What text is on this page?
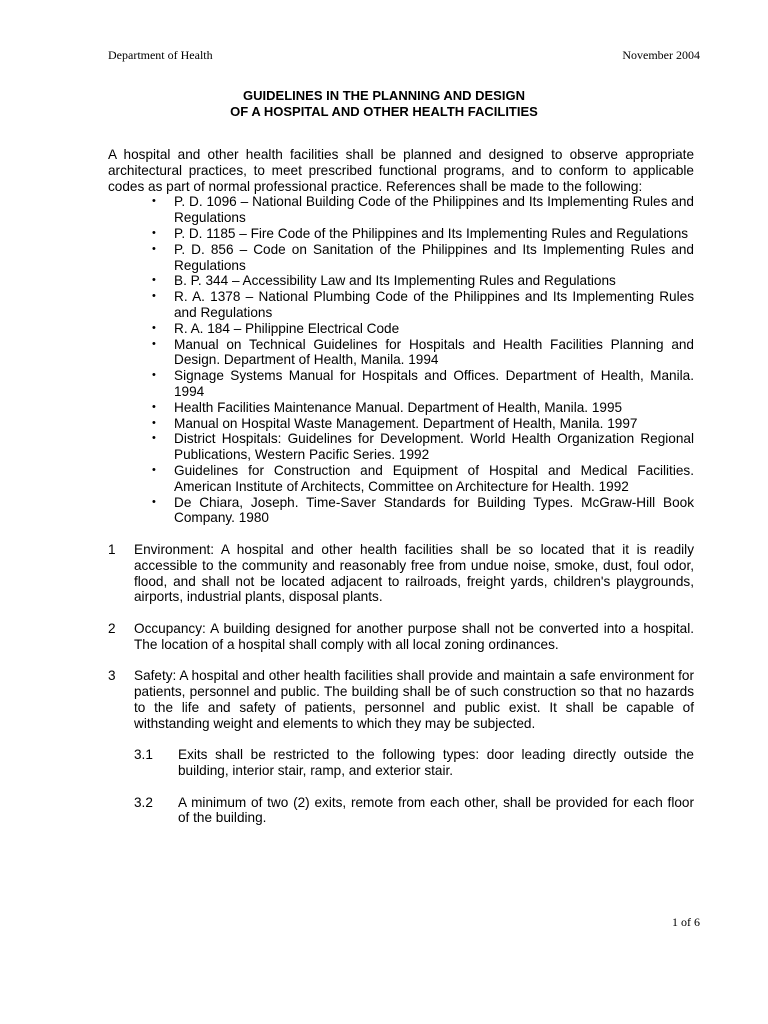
Department of Health	November 2004
GUIDELINES IN THE PLANNING AND DESIGN
OF A HOSPITAL AND OTHER HEALTH FACILITIES

A hospital and other health facilities shall be planned and designed to observe appropriate architectural practices, to meet prescribed functional programs, and to conform to applicable codes as part of normal professional practice. References shall be made to the following:

• P. D. 1096 – National Building Code of the Philippines and Its Implementing Rules and Regulations
• P. D. 1185 – Fire Code of the Philippines and Its Implementing Rules and Regulations
• P. D. 856 – Code on Sanitation of the Philippines and Its Implementing Rules and Regulations
• B. P. 344 – Accessibility Law and Its Implementing Rules and Regulations
• R. A. 1378 – National Plumbing Code of the Philippines and Its Implementing Rules and Regulations
• R. A. 184 – Philippine Electrical Code
• Manual on Technical Guidelines for Hospitals and Health Facilities Planning and Design. Department of Health, Manila. 1994
• Signage Systems Manual for Hospitals and Offices. Department of Health, Manila. 1994
• Health Facilities Maintenance Manual. Department of Health, Manila. 1995
• Manual on Hospital Waste Management. Department of Health, Manila. 1997
• District Hospitals: Guidelines for Development. World Health Organization Regional Publications, Western Pacific Series. 1992
• Guidelines for Construction and Equipment of Hospital and Medical Facilities. American Institute of Architects, Committee on Architecture for Health. 1992
• De Chiara, Joseph. Time-Saver Standards for Building Types. McGraw-Hill Book Company. 1980
1 Environment: A hospital and other health facilities shall be so located that it is readily accessible to the community and reasonably free from undue noise, smoke, dust, foul odor, flood, and shall not be located adjacent to railroads, freight yards, children's playgrounds, airports, industrial plants, disposal plants.
2 Occupancy: A building designed for another purpose shall not be converted into a hospital. The location of a hospital shall comply with all local zoning ordinances.
3 Safety: A hospital and other health facilities shall provide and maintain a safe environment for patients, personnel and public. The building shall be of such construction so that no hazards to the life and safety of patients, personnel and public exist. It shall be capable of withstanding weight and elements to which they may be subjected.
3.1 Exits shall be restricted to the following types: door leading directly outside the building, interior stair, ramp, and exterior stair.
3.2 A minimum of two (2) exits, remote from each other, shall be provided for each floor of the building.
1 of 6
